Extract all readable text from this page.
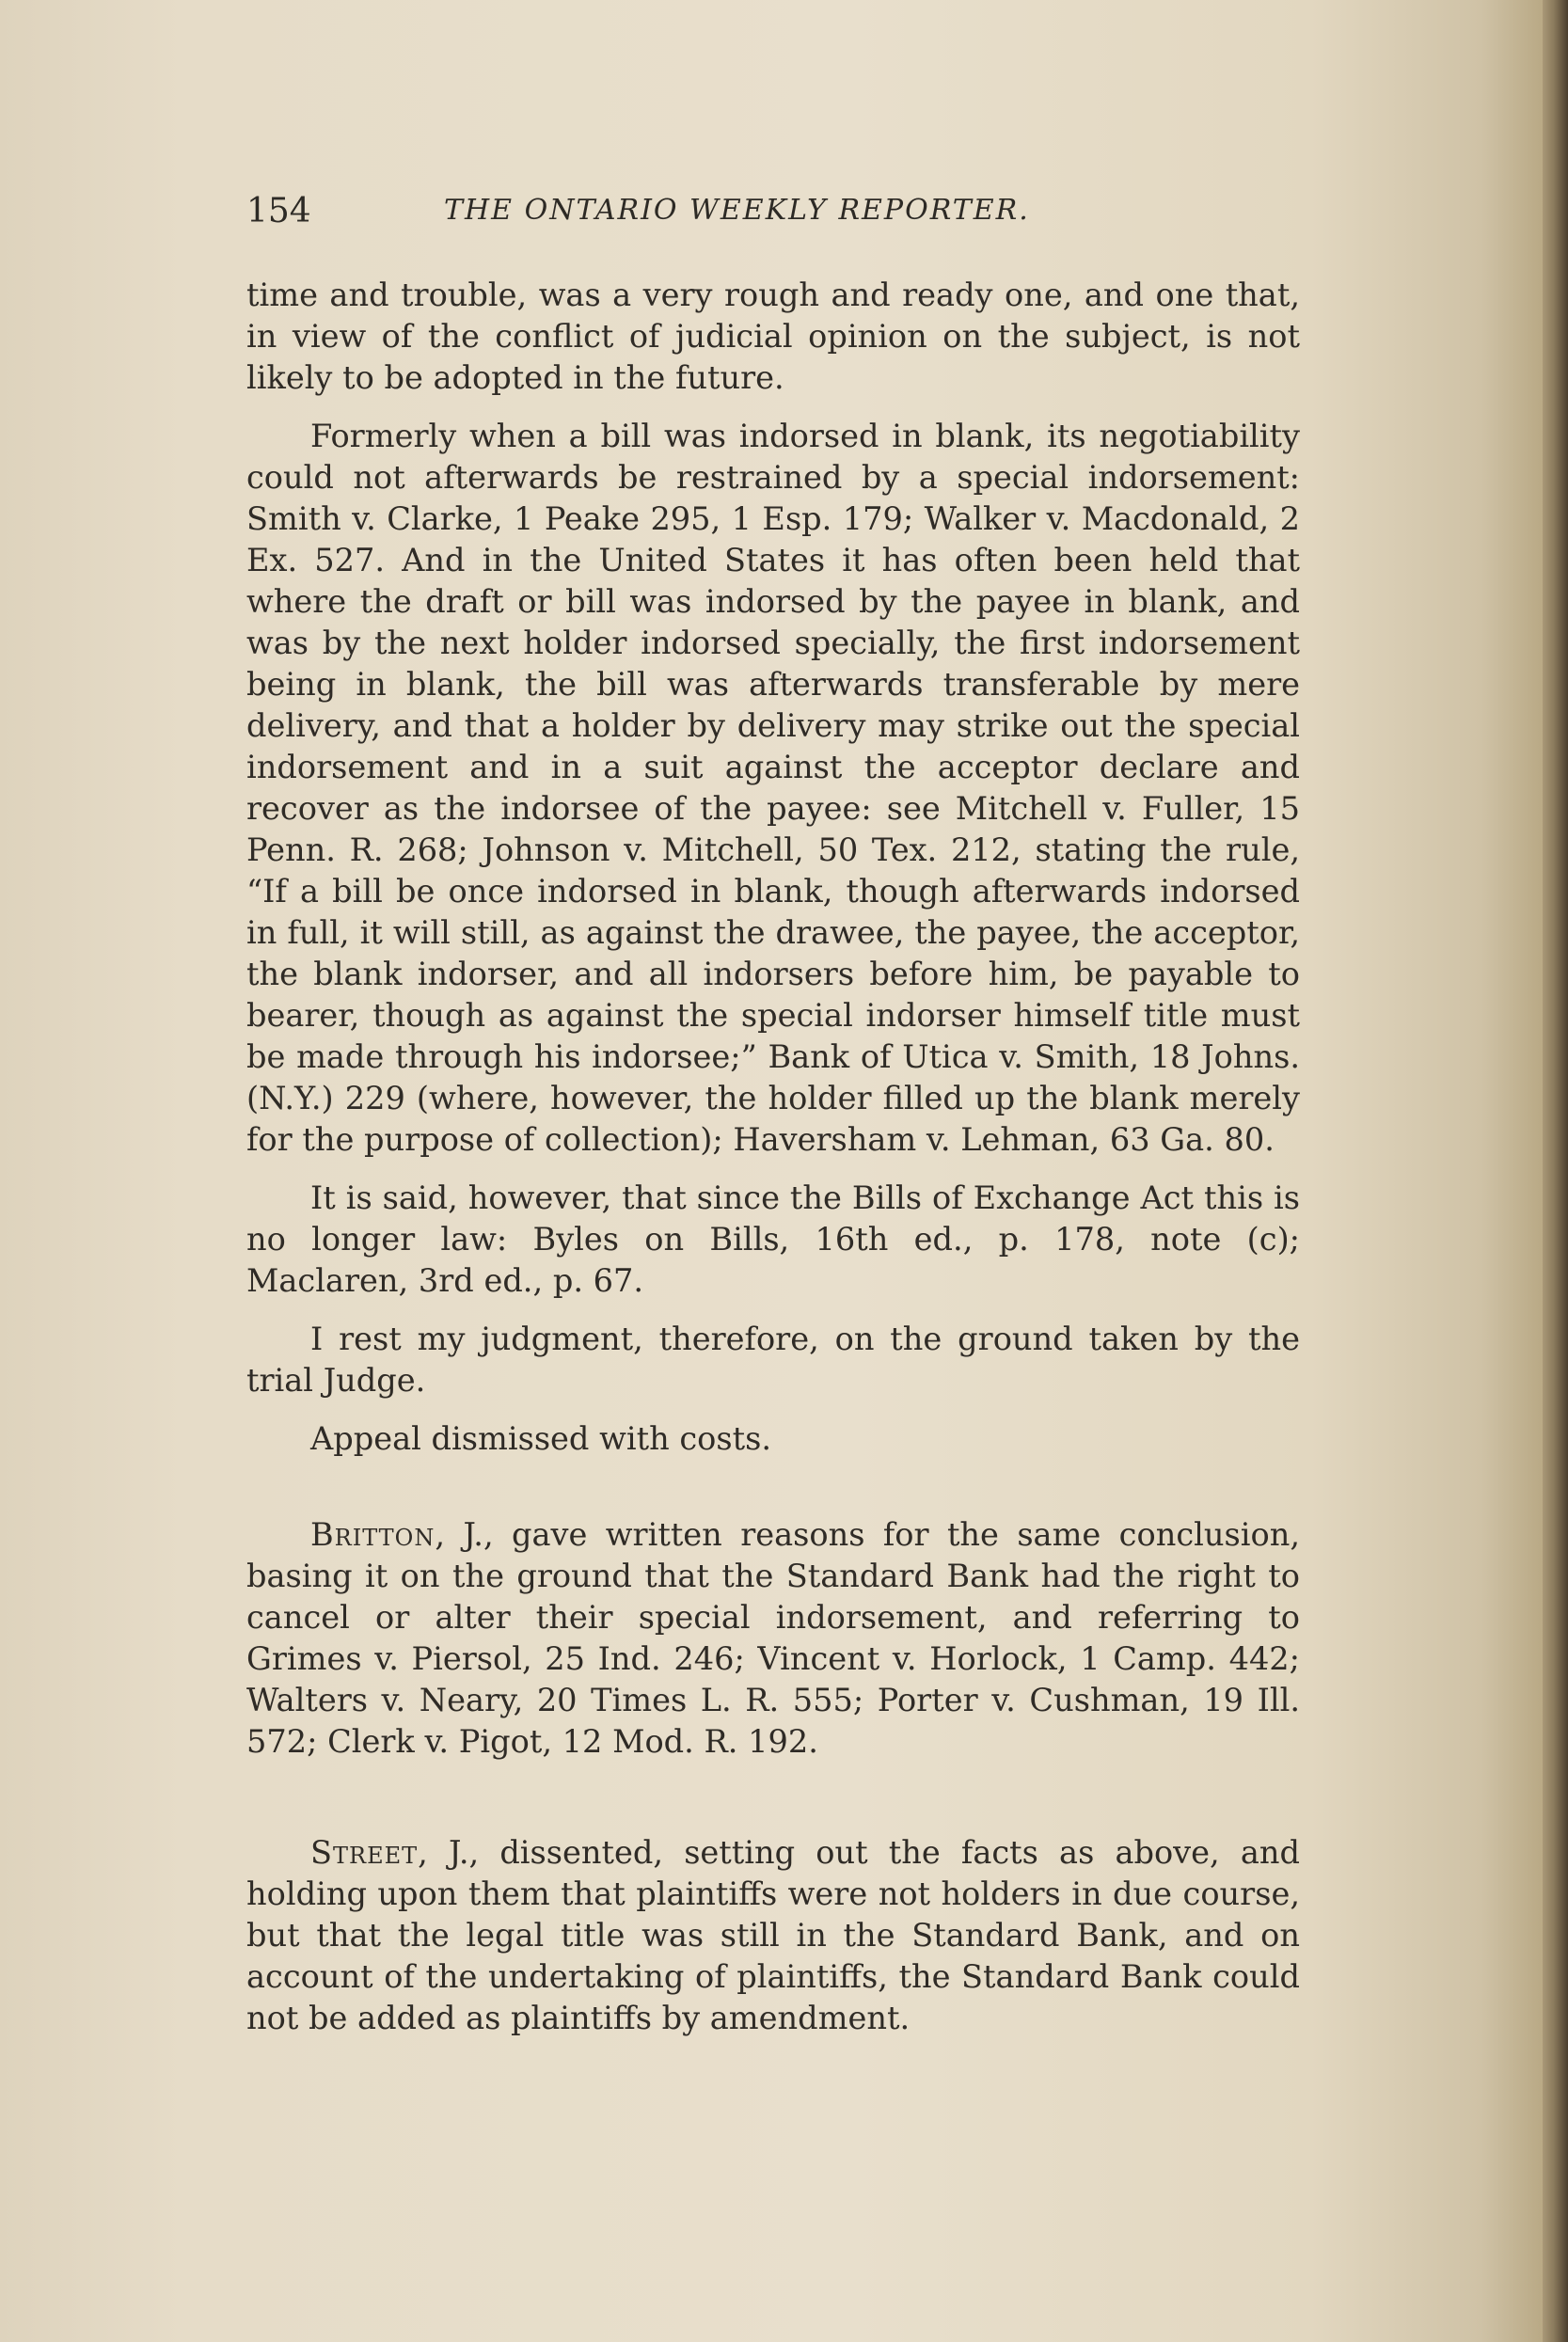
154	THE ONTARIO WEEKLY REPORTER.

time and trouble, was a very rough and ready one, and one that, in view of the conflict of judicial opinion on the subject, is not likely to be adopted in the future.

Formerly when a bill was indorsed in blank, its negotiability could not afterwards be restrained by a special indorsement: Smith v. Clarke, 1 Peake 295, 1 Esp. 179; Walker v. Macdonald, 2 Ex. 527. And in the United States it has often been held that where the draft or bill was indorsed by the payee in blank, and was by the next holder indorsed specially, the first indorsement being in blank, the bill was afterwards transferable by mere delivery, and that a holder by delivery may strike out the special indorsement and in a suit against the acceptor declare and recover as the indorsee of the payee: see Mitchell v. Fuller, 15 Penn. R. 268; Johnson v. Mitchell, 50 Tex. 212, stating the rule, “If a bill be once indorsed in blank, though afterwards indorsed in full, it will still, as against the drawee, the payee, the acceptor, the blank indorser, and all indorsers before him, be payable to bearer, though as against the special indorser himself title must be made through his indorsee;” Bank of Utica v. Smith, 18 Johns. (N.Y.) 229 (where, however, the holder filled up the blank merely for the purpose of collection); Haversham v. Lehman, 63 Ga. 80.

It is said, however, that since the Bills of Exchange Act this is no longer law: Byles on Bills, 16th ed., p. 178, note (c); Maclaren, 3rd ed., p. 67.

I rest my judgment, therefore, on the ground taken by the trial Judge.

Appeal dismissed with costs.

Britton, J., gave written reasons for the same conclusion, basing it on the ground that the Standard Bank had the right to cancel or alter their special indorsement, and referring to Grimes v. Piersol, 25 Ind. 246; Vincent v. Horlock, 1 Camp. 442; Walters v. Neary, 20 Times L. R. 555; Porter v. Cushman, 19 Ill. 572; Clerk v. Pigot, 12 Mod. R. 192.

Street, J., dissented, setting out the facts as above, and holding upon them that plaintiffs were not holders in due course, but that the legal title was still in the Standard Bank, and on account of the undertaking of plaintiffs, the Standard Bank could not be added as plaintiffs by amendment.
